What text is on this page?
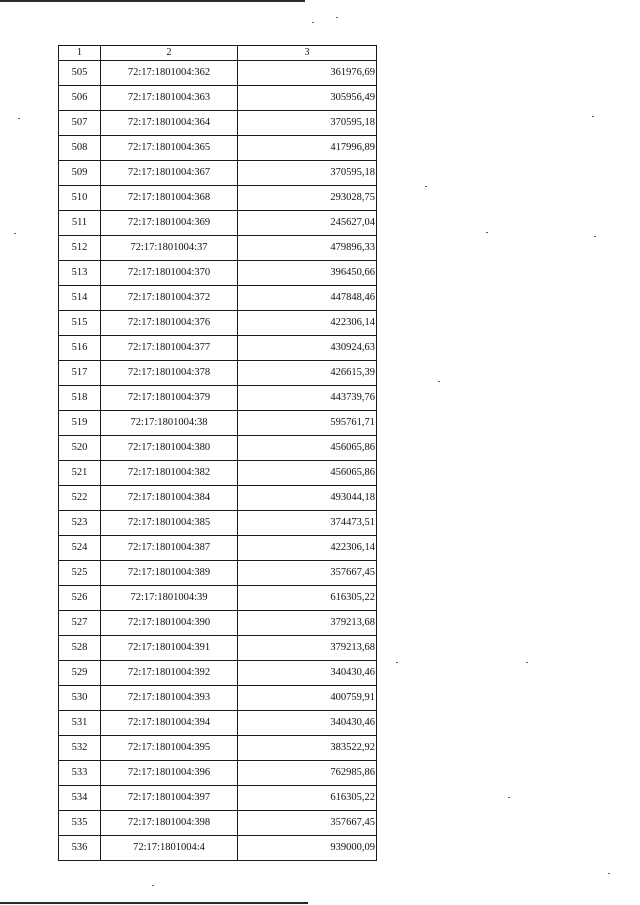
1	2	3
505	72:17:1801004:362	361976,69
506	72:17:1801004:363	305956,49
507	72:17:1801004:364	370595,18
508	72:17:1801004:365	417996,89
509	72:17:1801004:367	370595,18
510	72:17:1801004:368	293028,75
511	72:17:1801004:369	245627,04
512	72:17:1801004:37	479896,33
513	72:17:1801004:370	396450,66
514	72:17:1801004:372	447848,46
515	72:17:1801004:376	422306,14
516	72:17:1801004:377	430924,63
517	72:17:1801004:378	426615,39
518	72:17:1801004:379	443739,76
519	72:17:1801004:38	595761,71
520	72:17:1801004:380	456065,86
521	72:17:1801004:382	456065,86
522	72:17:1801004:384	493044,18
523	72:17:1801004:385	374473,51
524	72:17:1801004:387	422306,14
525	72:17:1801004:389	357667,45
526	72:17:1801004:39	616305,22
527	72:17:1801004:390	379213,68
528	72:17:1801004:391	379213,68
529	72:17:1801004:392	340430,46
530	72:17:1801004:393	400759,91
531	72:17:1801004:394	340430,46
532	72:17:1801004:395	383522,92
533	72:17:1801004:396	762985,86
534	72:17:1801004:397	616305,22
535	72:17:1801004:398	357667,45
536	72:17:1801004:4	939000,09
